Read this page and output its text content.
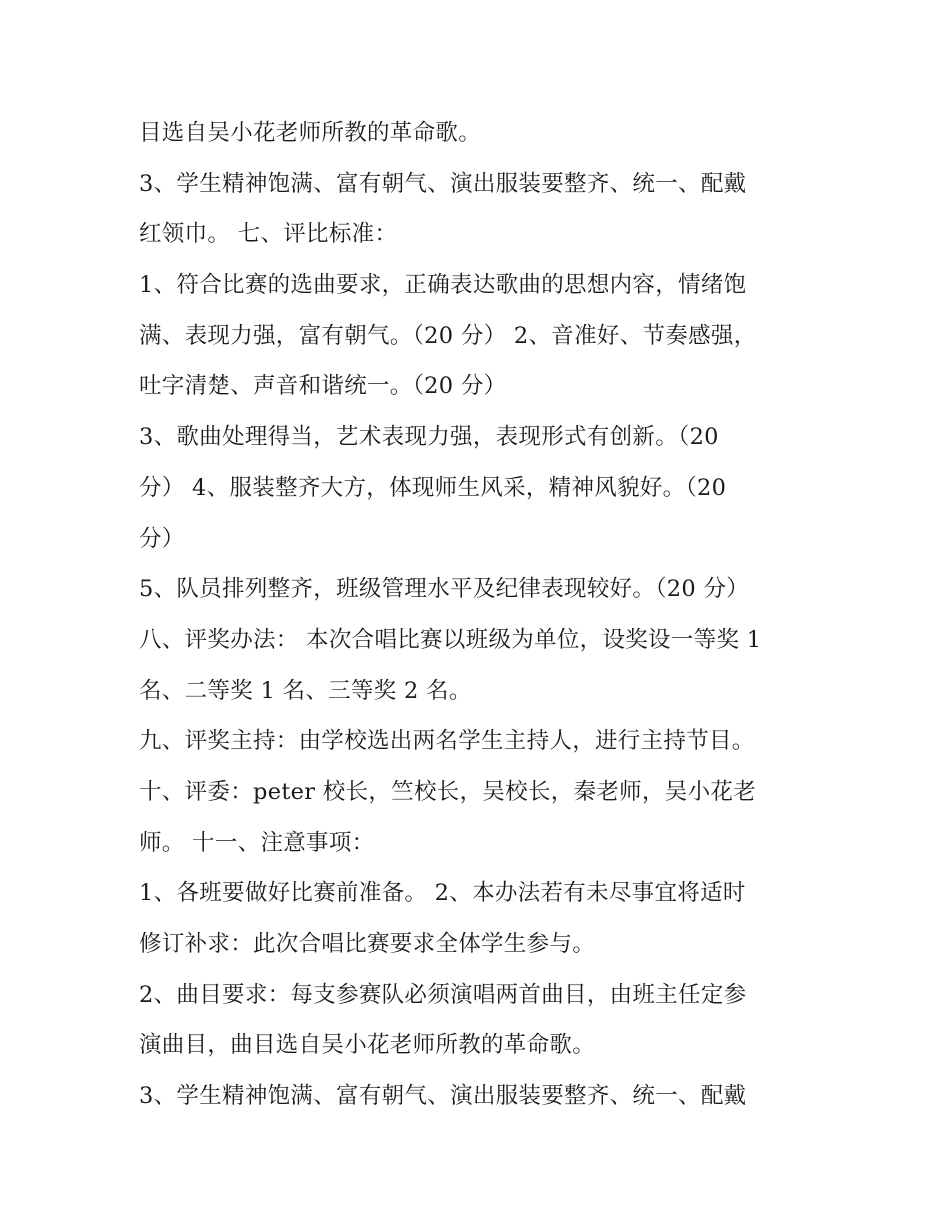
目选自吴小花老师所教的革命歌。
3、学生精神饱满、富有朝气、演出服装要整齐、统一、配戴
红领巾。 七、评比标准：
1、符合比赛的选曲要求，正确表达歌曲的思想内容，情绪饱
满、表现力强，富有朝气。（20 分） 2、音准好、节奏感强，
吐字清楚、声音和谐统一。（20 分）
3、歌曲处理得当，艺术表现力强，表现形式有创新。（20
分） 4、服装整齐大方，体现师生风采，精神风貌好。（20
分）
5、队员排列整齐，班级管理水平及纪律表现较好。（20 分）
八、评奖办法： 本次合唱比赛以班级为单位，设奖设一等奖 1
名、二等奖 1 名、三等奖 2 名。
九、评奖主持：由学校选出两名学生主持人，进行主持节目。
十、评委：peter 校长，竺校长，吴校长，秦老师，吴小花老
师。 十一、注意事项：
1、各班要做好比赛前准备。 2、本办法若有未尽事宜将适时
修订补求：此次合唱比赛要求全体学生参与。
2、曲目要求：每支参赛队必须演唱两首曲目，由班主任定参
演曲目，曲目选自吴小花老师所教的革命歌。
3、学生精神饱满、富有朝气、演出服装要整齐、统一、配戴
